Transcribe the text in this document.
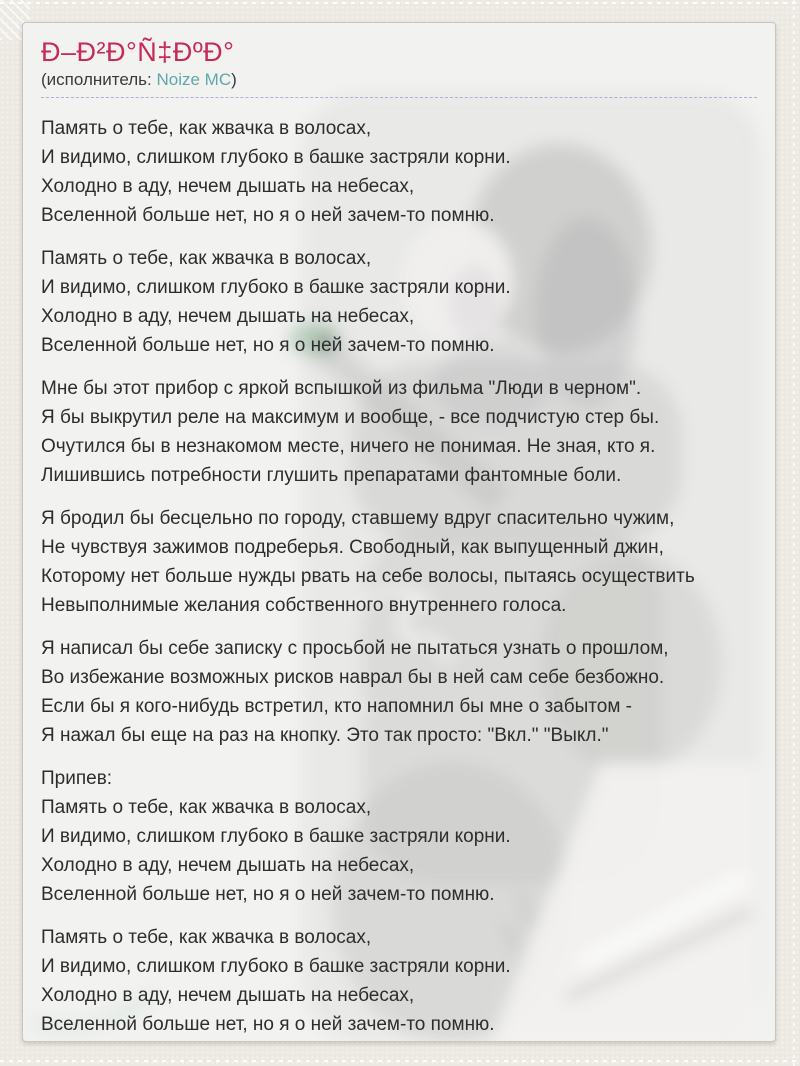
Ð–Ð²Ð°Ñ‡ÐºÐ°
(исполнитель: Noize MC)

Память о тебе, как жвачка в волосах,
И видимо, слишком глубоко в башке застряли корни.
Холодно в аду, нечем дышать на небесах,
Вселенной больше нет, но я о ней зачем-то помню.

Память о тебе, как жвачка в волосах,
И видимо, слишком глубоко в башке застряли корни.
Холодно в аду, нечем дышать на небесах,
Вселенной больше нет, но я о ней зачем-то помню.

Мне бы этот прибор с яркой вспышкой из фильма "Люди в черном".
Я бы выкрутил реле на максимум и вообще, - все подчистую стер бы.
Очутился бы в незнакомом месте, ничего не понимая. Не зная, кто я.
Лишившись потребности глушить препаратами фантомные боли.

Я бродил бы бесцельно по городу, ставшему вдруг спасительно чужим,
Не чувствуя зажимов подреберья. Свободный, как выпущенный джин,
Которому нет больше нужды рвать на себе волосы, пытаясь осуществить
Невыполнимые желания собственного внутреннего голоса.

Я написал бы себе записку с просьбой не пытаться узнать о прошлом,
Во избежание возможных рисков наврал бы в ней сам себе безбожно.
Если бы я кого-нибудь встретил, кто напомнил бы мне о забытом -
Я нажал бы еще на раз на кнопку. Это так просто: "Вкл." "Выкл."

Припев:
Память о тебе, как жвачка в волосах,
И видимо, слишком глубоко в башке застряли корни.
Холодно в аду, нечем дышать на небесах,
Вселенной больше нет, но я о ней зачем-то помню.

Память о тебе, как жвачка в волосах,
И видимо, слишком глубоко в башке застряли корни.
Холодно в аду, нечем дышать на небесах,
Вселенной больше нет, но я о ней зачем-то помню.
